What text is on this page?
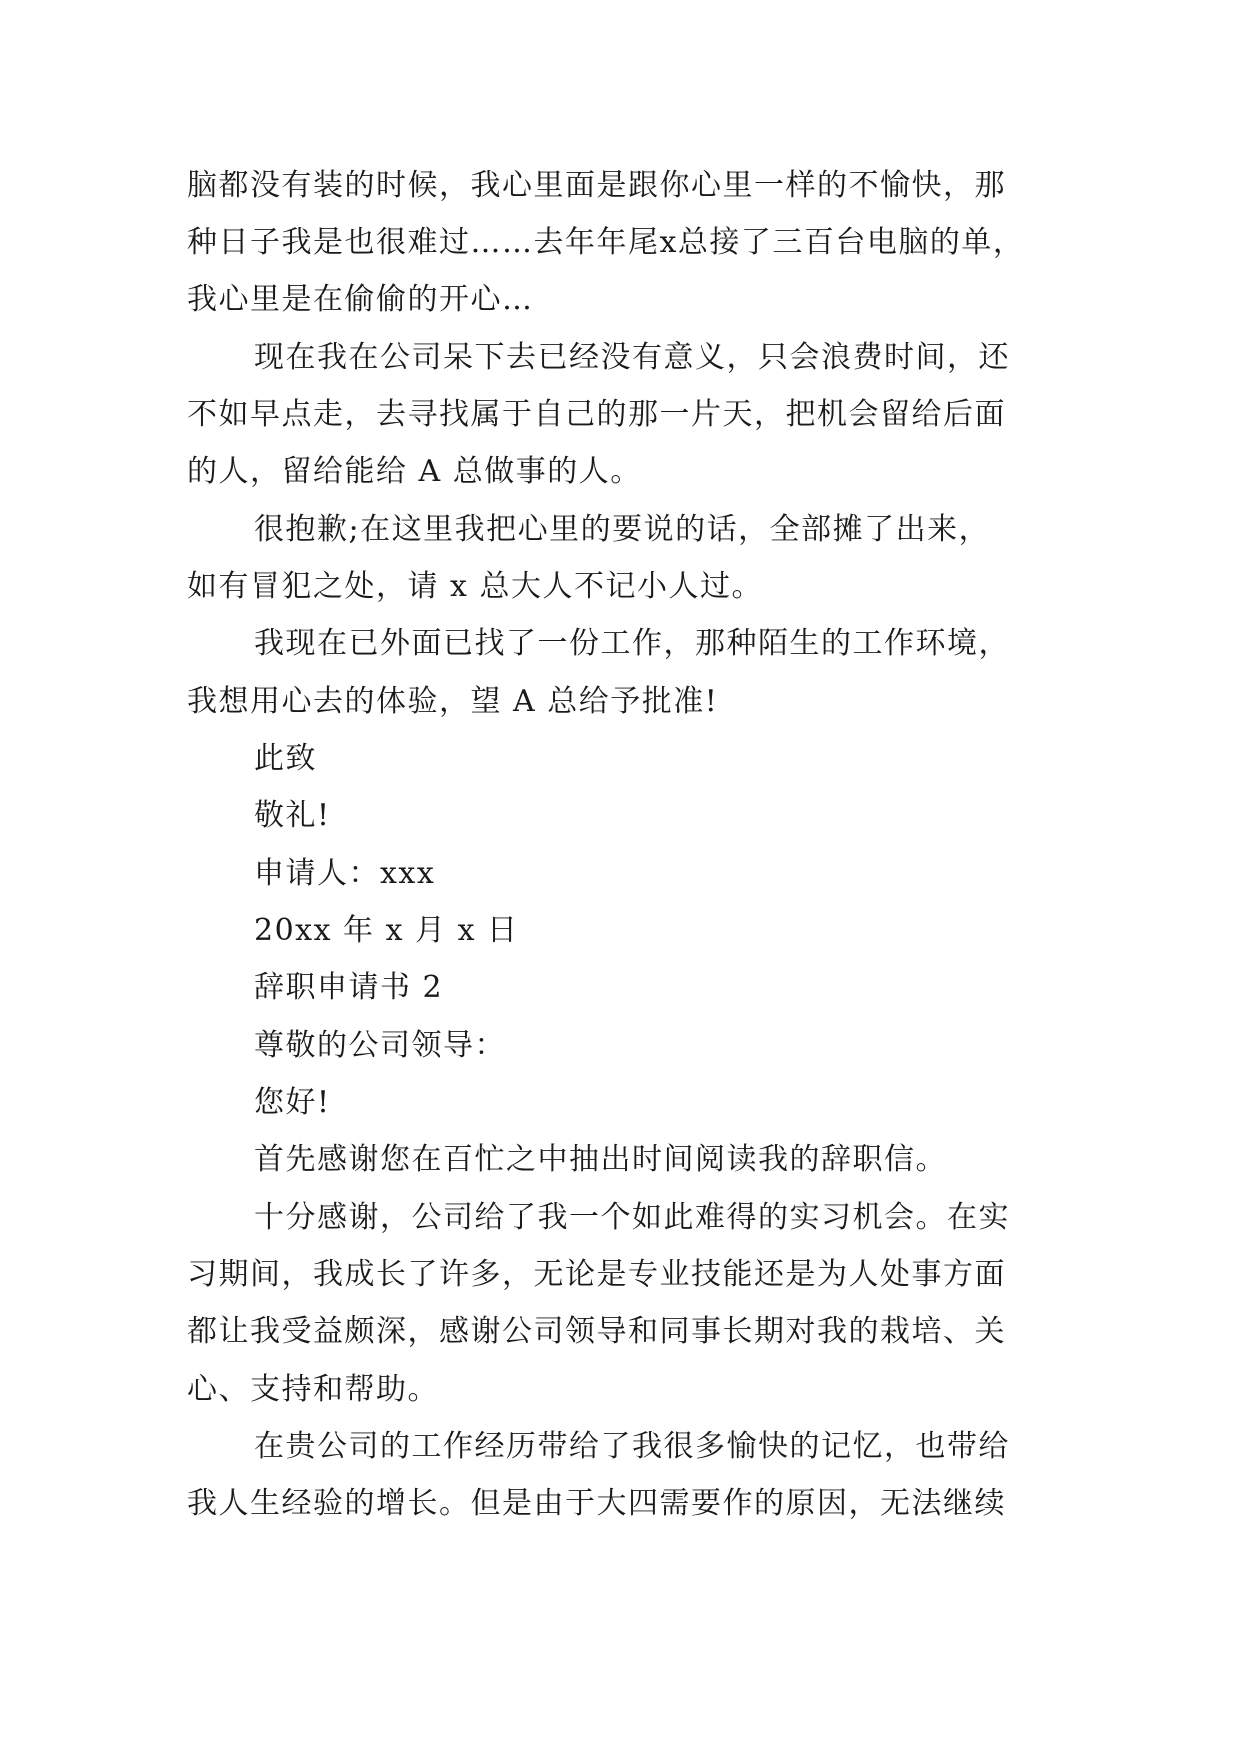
脑都没有装的时候，我心里面是跟你心里一样的不愉快，那
种日子我是也很难过……去年年尾x总接了三百台电脑的单，
我心里是在偷偷的开心…
现在我在公司呆下去已经没有意义，只会浪费时间，还
不如早点走，去寻找属于自己的那一片天，把机会留给后面
的人，留给能给 A 总做事的人。
很抱歉;在这里我把心里的要说的话，全部摊了出来，
如有冒犯之处，请 x 总大人不记小人过。
我现在已外面已找了一份工作，那种陌生的工作环境，
我想用心去的体验，望 A 总给予批准!
此致
敬礼!
申请人：xxx
20xx 年 x 月 x 日
辞职申请书 2
尊敬的公司领导：
您好!
首先感谢您在百忙之中抽出时间阅读我的辞职信。
十分感谢，公司给了我一个如此难得的实习机会。在实
习期间，我成长了许多，无论是专业技能还是为人处事方面
都让我受益颇深，感谢公司领导和同事长期对我的栽培、关
心、支持和帮助。
在贵公司的工作经历带给了我很多愉快的记忆，也带给
我人生经验的增长。但是由于大四需要作的原因，无法继续
